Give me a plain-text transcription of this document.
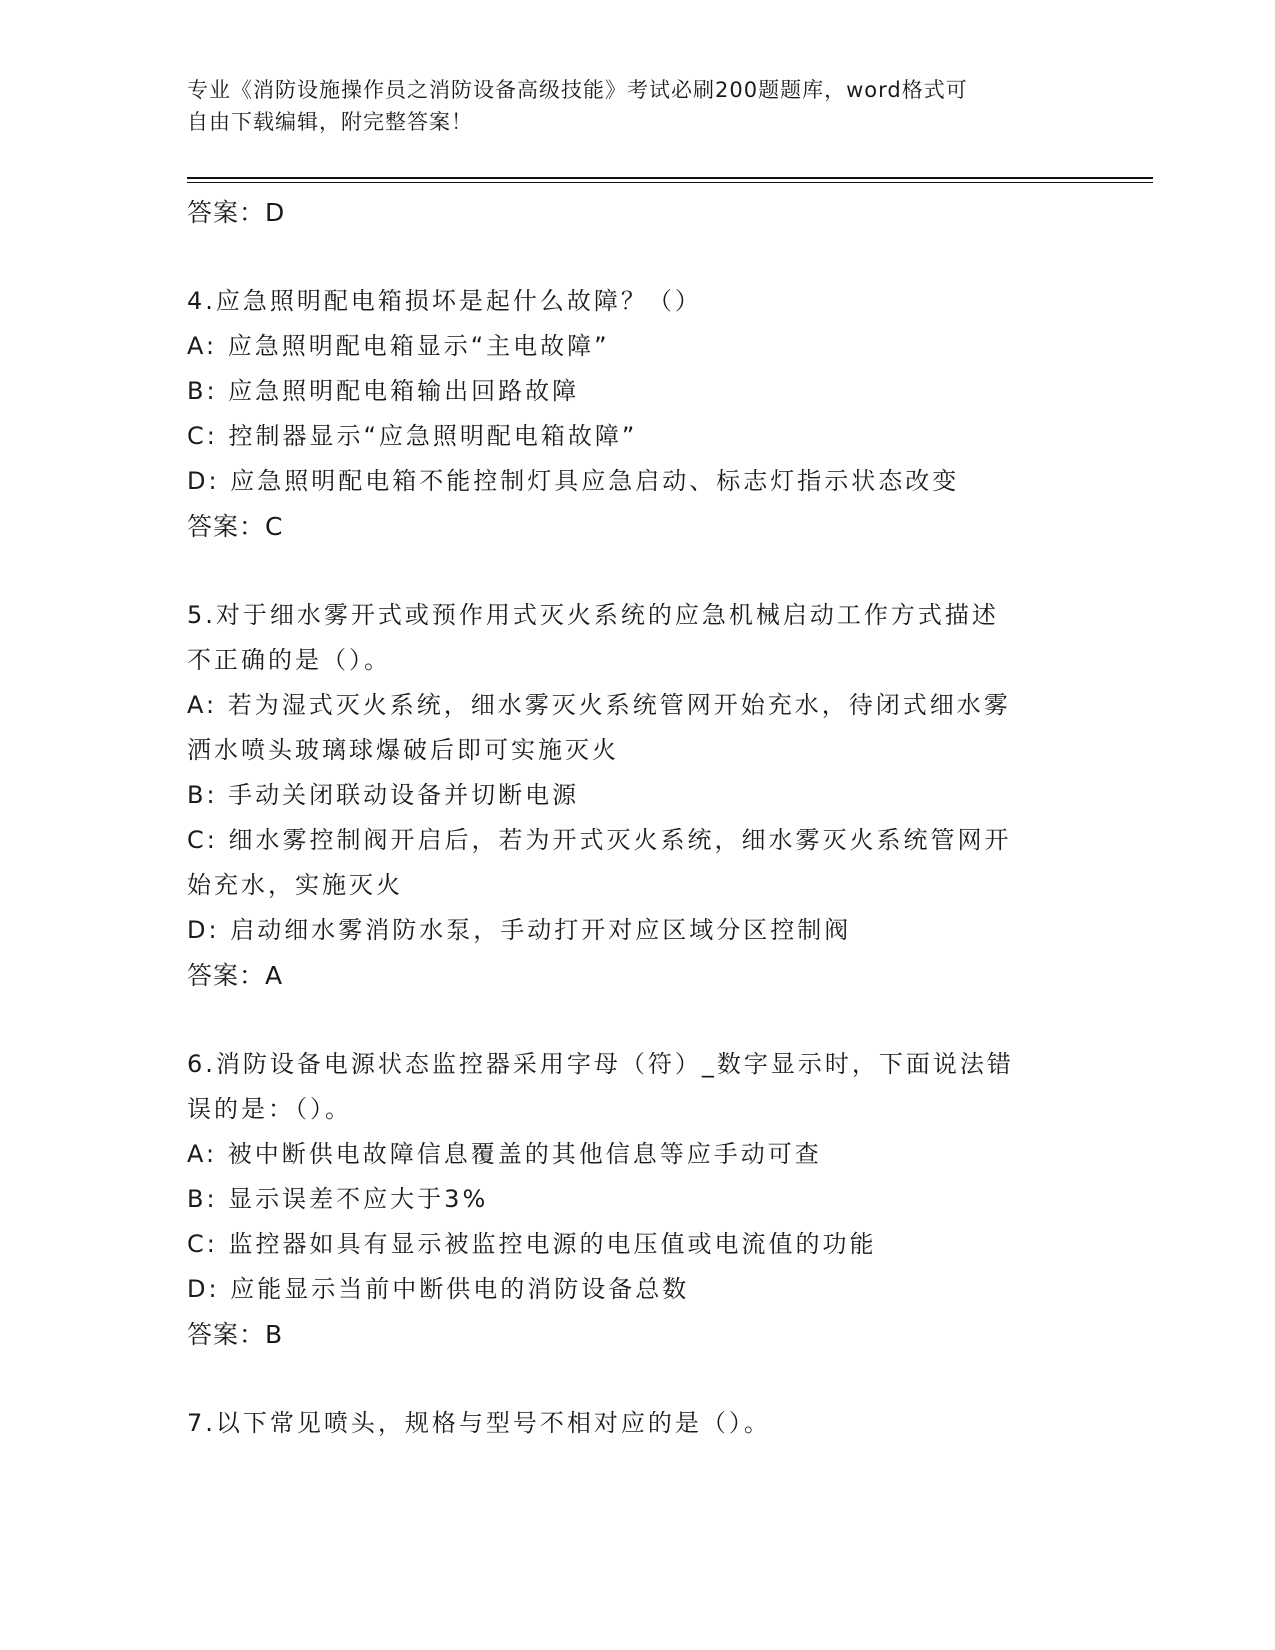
专业《消防设施操作员之消防设备高级技能》考试必刷200题题库，word格式可
自由下载编辑，附完整答案！
答案：D
4.应急照明配电箱损坏是起什么故障？（）
A: 应急照明配电箱显示“主电故障”
B: 应急照明配电箱输出回路故障
C: 控制器显示“应急照明配电箱故障”
D: 应急照明配电箱不能控制灯具应急启动、标志灯指示状态改变
答案：C
5.对于细水雾开式或预作用式灭火系统的应急机械启动工作方式描述
不正确的是（）。
A: 若为湿式灭火系统，细水雾灭火系统管网开始充水，待闭式细水雾
洒水喷头玻璃球爆破后即可实施灭火
B: 手动关闭联动设备并切断电源
C: 细水雾控制阀开启后，若为开式灭火系统，细水雾灭火系统管网开
始充水，实施灭火
D: 启动细水雾消防水泵，手动打开对应区域分区控制阀
答案：A
6.消防设备电源状态监控器采用字母（符）_数字显示时，下面说法错
误的是：（）。
A: 被中断供电故障信息覆盖的其他信息等应手动可查
B: 显示误差不应大于3%
C: 监控器如具有显示被监控电源的电压值或电流值的功能
D: 应能显示当前中断供电的消防设备总数
答案：B
7.以下常见喷头，规格与型号不相对应的是（）。
